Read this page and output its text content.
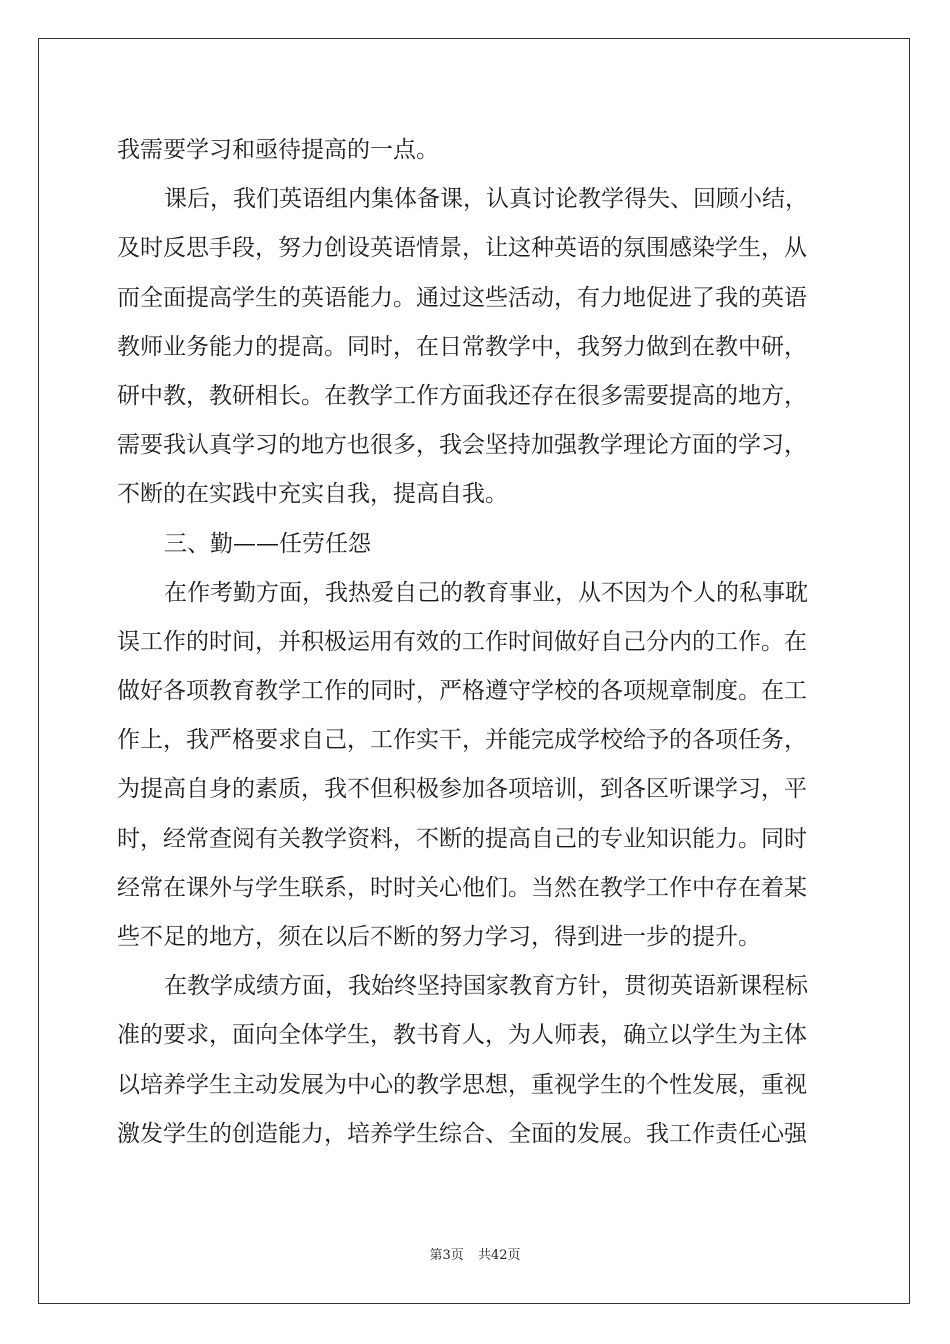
我需要学习和亟待提高的一点。
课后，我们英语组内集体备课，认真讨论教学得失、回顾小结，
及时反思手段，努力创设英语情景，让这种英语的氛围感染学生，从
而全面提高学生的英语能力。通过这些活动，有力地促进了我的英语
教师业务能力的提高。同时，在日常教学中，我努力做到在教中研，
研中教，教研相长。在教学工作方面我还存在很多需要提高的地方，
需要我认真学习的地方也很多，我会坚持加强教学理论方面的学习，
不断的在实践中充实自我，提高自我。
三、勤——任劳任怨
在作考勤方面，我热爱自己的教育事业，从不因为个人的私事耽
误工作的时间，并积极运用有效的工作时间做好自己分内的工作。在
做好各项教育教学工作的同时，严格遵守学校的各项规章制度。在工
作上，我严格要求自己，工作实干，并能完成学校给予的各项任务，
为提高自身的素质，我不但积极参加各项培训，到各区听课学习，平
时，经常查阅有关教学资料，不断的提高自己的专业知识能力。同时
经常在课外与学生联系，时时关心他们。当然在教学工作中存在着某
些不足的地方，须在以后不断的努力学习，得到进一步的提升。
在教学成绩方面，我始终坚持国家教育方针，贯彻英语新课程标
准的要求，面向全体学生，教书育人，为人师表，确立以学生为主体
以培养学生主动发展为中心的教学思想，重视学生的个性发展，重视
激发学生的创造能力，培养学生综合、全面的发展。我工作责任心强
第3页 共42页
